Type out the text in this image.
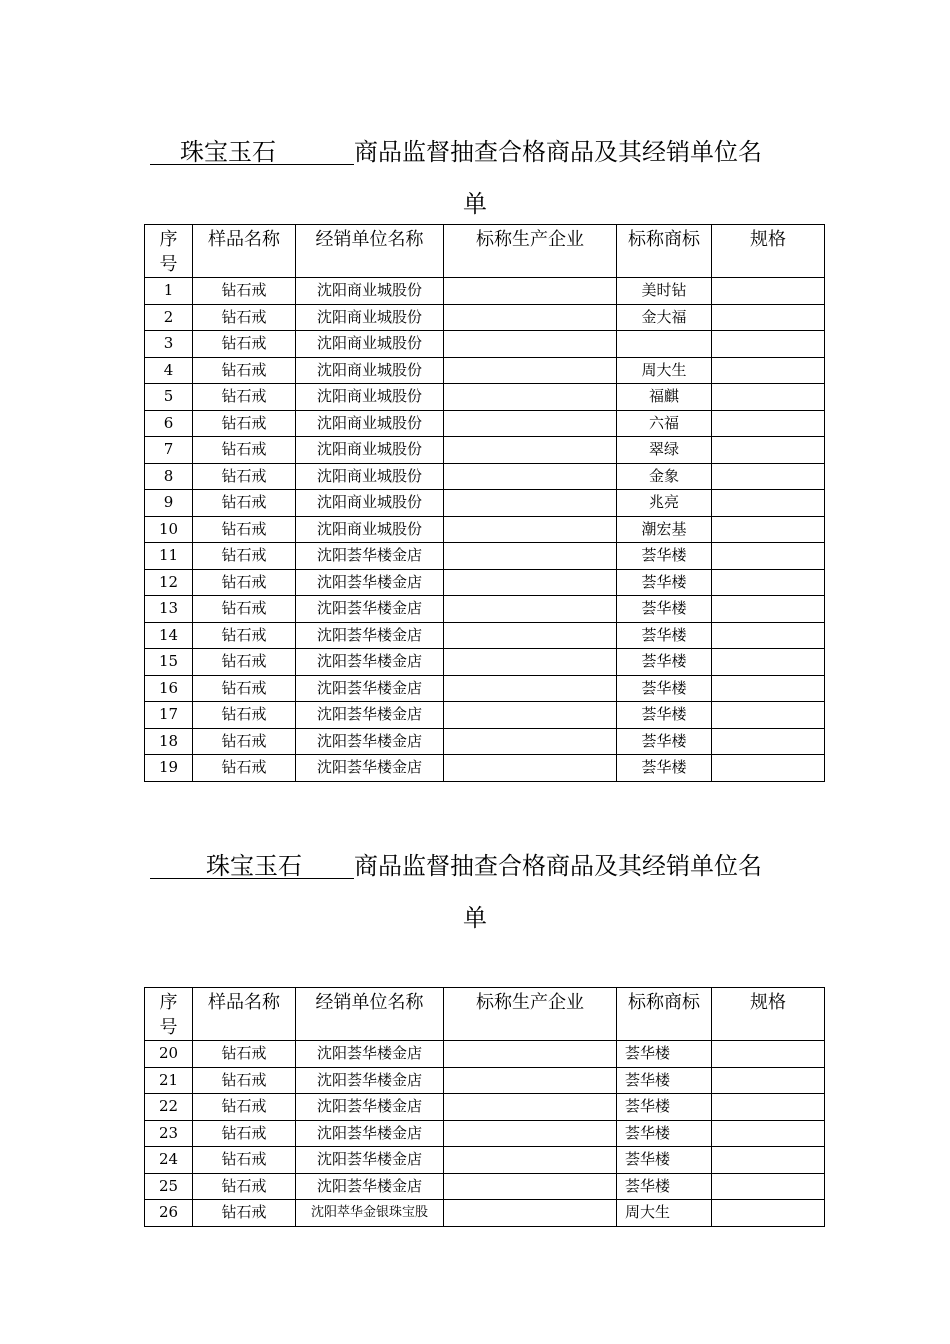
珠宝玉石	商品监督抽查合格商品及其经销单位名
单
序号	样品名称	经销单位名称	标称生产企业	标称商标	规格
1	钻石戒	沈阳商业城股份		美时钻	
2	钻石戒	沈阳商业城股份		金大福	
3	钻石戒	沈阳商业城股份			
4	钻石戒	沈阳商业城股份		周大生	
5	钻石戒	沈阳商业城股份		福麒	
6	钻石戒	沈阳商业城股份		六福	
7	钻石戒	沈阳商业城股份		翠绿	
8	钻石戒	沈阳商业城股份		金象	
9	钻石戒	沈阳商业城股份		兆亮	
10	钻石戒	沈阳商业城股份		潮宏基	
11	钻石戒	沈阳荟华楼金店		荟华楼	
12	钻石戒	沈阳荟华楼金店		荟华楼	
13	钻石戒	沈阳荟华楼金店		荟华楼	
14	钻石戒	沈阳荟华楼金店		荟华楼	
15	钻石戒	沈阳荟华楼金店		荟华楼	
16	钻石戒	沈阳荟华楼金店		荟华楼	
17	钻石戒	沈阳荟华楼金店		荟华楼	
18	钻石戒	沈阳荟华楼金店		荟华楼	
19	钻石戒	沈阳荟华楼金店		荟华楼	
珠宝玉石 商品监督抽查合格商品及其经销单位名
单
序号	样品名称	经销单位名称	标称生产企业	标称商标	规格
20	钻石戒	沈阳荟华楼金店		荟华楼	
21	钻石戒	沈阳荟华楼金店		荟华楼	
22	钻石戒	沈阳荟华楼金店		荟华楼	
23	钻石戒	沈阳荟华楼金店		荟华楼	
24	钻石戒	沈阳荟华楼金店		荟华楼	
25	钻石戒	沈阳荟华楼金店		荟华楼	
26	钻石戒	沈阳萃华金银珠宝股		周大生	
